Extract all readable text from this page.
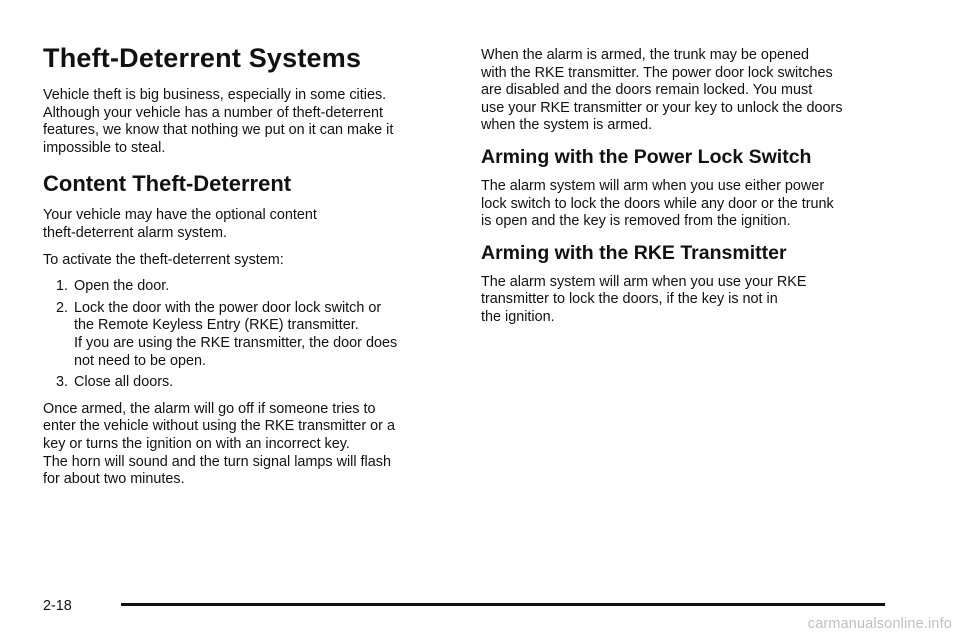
Theft-Deterrent Systems

Vehicle theft is big business, especially in some cities.
Although your vehicle has a number of theft-deterrent
features, we know that nothing we put on it can make it
impossible to steal.

Content Theft-Deterrent

Your vehicle may have the optional content
theft-deterrent alarm system.

To activate the theft-deterrent system:

1. Open the door.
2. Lock the door with the power door lock switch or
the Remote Keyless Entry (RKE) transmitter.
If you are using the RKE transmitter, the door does
not need to be open.
3. Close all doors.

Once armed, the alarm will go off if someone tries to
enter the vehicle without using the RKE transmitter or a
key or turns the ignition on with an incorrect key.
The horn will sound and the turn signal lamps will flash
for about two minutes.

When the alarm is armed, the trunk may be opened
with the RKE transmitter. The power door lock switches
are disabled and the doors remain locked. You must
use your RKE transmitter or your key to unlock the doors
when the system is armed.

Arming with the Power Lock Switch

The alarm system will arm when you use either power
lock switch to lock the doors while any door or the trunk
is open and the key is removed from the ignition.

Arming with the RKE Transmitter

The alarm system will arm when you use your RKE
transmitter to lock the doors, if the key is not in
the ignition.

2-18
carmanualsonline.info
